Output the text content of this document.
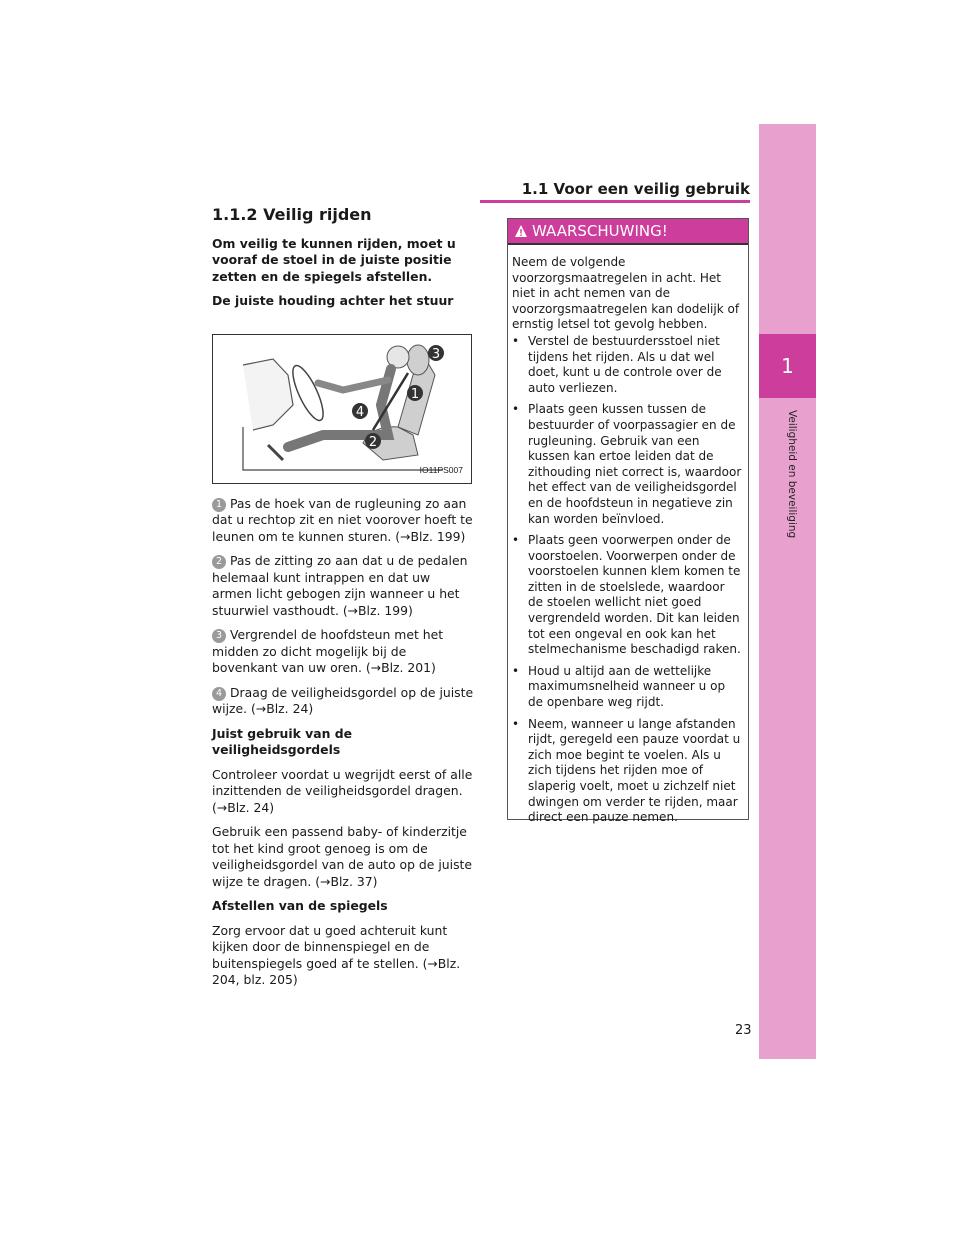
1
Veiligheid en beveiliging
1.1 Voor een veilig gebruik
1.1.2 Veilig rijden

Om veilig te kunnen rijden, moet u vooraf de stoel in de juiste positie zetten en de spiegels afstellen.

De juiste houding achter het stuur

3
1
4
2
IO11PS007

1 Pas de hoek van de rugleuning zo aan dat u rechtop zit en niet voorover hoeft te leunen om te kunnen sturen. (→Blz. 199)

2 Pas de zitting zo aan dat u de pedalen helemaal kunt intrappen en dat uw armen licht gebogen zijn wanneer u het stuurwiel vasthoudt. (→Blz. 199)

3 Vergrendel de hoofdsteun met het midden zo dicht mogelijk bij de bovenkant van uw oren. (→Blz. 201)

4 Draag de veiligheidsgordel op de juiste wijze. (→Blz. 24)

Juist gebruik van de veiligheidsgordels

Controleer voordat u wegrijdt eerst of alle inzittenden de veiligheidsgordel dragen. (→Blz. 24)

Gebruik een passend baby- of kinderzitje tot het kind groot genoeg is om de veiligheidsgordel van de auto op de juiste wijze te dragen. (→Blz. 37)

Afstellen van de spiegels

Zorg ervoor dat u goed achteruit kunt kijken door de binnenspiegel en de buitenspiegels goed af te stellen. (→Blz. 204, blz. 205)

WAARSCHUWING!

Neem de volgende voorzorgsmaatregelen in acht. Het niet in acht nemen van de voorzorgsmaatregelen kan dodelijk of ernstig letsel tot gevolg hebben.

• Verstel de bestuurdersstoel niet tijdens het rijden. Als u dat wel doet, kunt u de controle over de auto verliezen.
• Plaats geen kussen tussen de bestuurder of voorpassagier en de rugleuning. Gebruik van een kussen kan ertoe leiden dat de zithouding niet correct is, waardoor het effect van de veiligheidsgordel en de hoofdsteun in negatieve zin kan worden beïnvloed.
• Plaats geen voorwerpen onder de voorstoelen. Voorwerpen onder de voorstoelen kunnen klem komen te zitten in de stoelslede, waardoor de stoelen wellicht niet goed vergrendeld worden. Dit kan leiden tot een ongeval en ook kan het stelmechanisme beschadigd raken.
• Houd u altijd aan de wettelijke maximumsnelheid wanneer u op de openbare weg rijdt.
• Neem, wanneer u lange afstanden rijdt, geregeld een pauze voordat u zich moe begint te voelen. Als u zich tijdens het rijden moe of slaperig voelt, moet u zichzelf niet dwingen om verder te rijden, maar direct een pauze nemen.
23
